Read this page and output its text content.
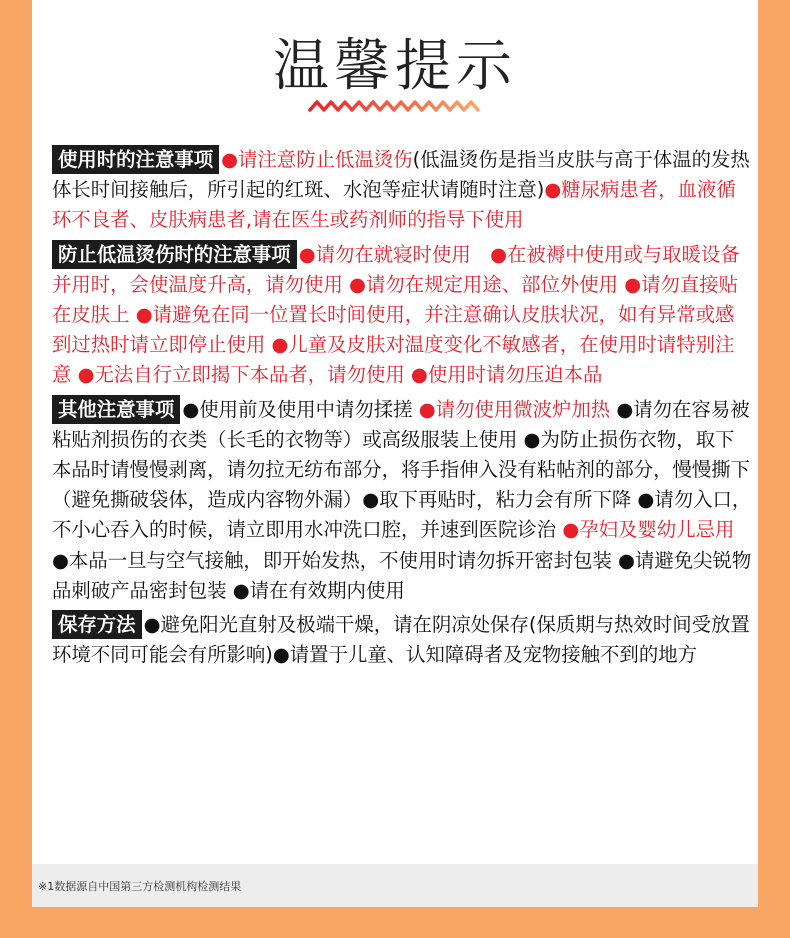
温馨提示
使用时的注意事项 ●请注意防止低温烫伤(低温烫伤是指当皮肤与高于体温的发热体长时间接触后，所引起的红斑、水泡等症状请随时注意)●糖尿病患者，血液循环不良者、皮肤病患者,请在医生或药剂师的指导下使用
防止低温烫伤时的注意事项 ●请勿在就寝时使用　●在被褥中使用或与取暖设备并用时，会使温度升高，请勿使用 ●请勿在规定用途、部位外使用 ●请勿直接贴在皮肤上 ●请避免在同一位置长时间使用，并注意确认皮肤状况，如有异常或感到过热时请立即停止使用 ●儿童及皮肤对温度变化不敏感者，在使用时请特别注意 ●无法自行立即揭下本品者，请勿使用 ●使用时请勿压迫本品
其他注意事项 ●使用前及使用中请勿揉搓 ●请勿使用微波炉加热 ●请勿在容易被粘贴剂损伤的衣类（长毛的衣物等）或高级服装上使用 ●为防止损伤衣物，取下本品时请慢慢剥离，请勿拉无纺布部分，将手指伸入没有粘帖剂的部分，慢慢撕下（避免撕破袋体，造成内容物外漏）●取下再贴时，粘力会有所下降 ●请勿入口，不小心吞入的时候，请立即用水冲洗口腔，并速到医院诊治 ●孕妇及婴幼儿忌用 ●本品一旦与空气接触，即开始发热，不使用时请勿拆开密封包装 ●请避免尖锐物品刺破产品密封包装 ●请在有效期内使用
保存方法 ●避免阳光直射及极端干燥，请在阴凉处保存(保质期与热效时间受放置环境不同可能会有所影响)●请置于儿童、认知障碍者及宠物接触不到的地方
※1数据源自中国第三方检测机构检测结果
